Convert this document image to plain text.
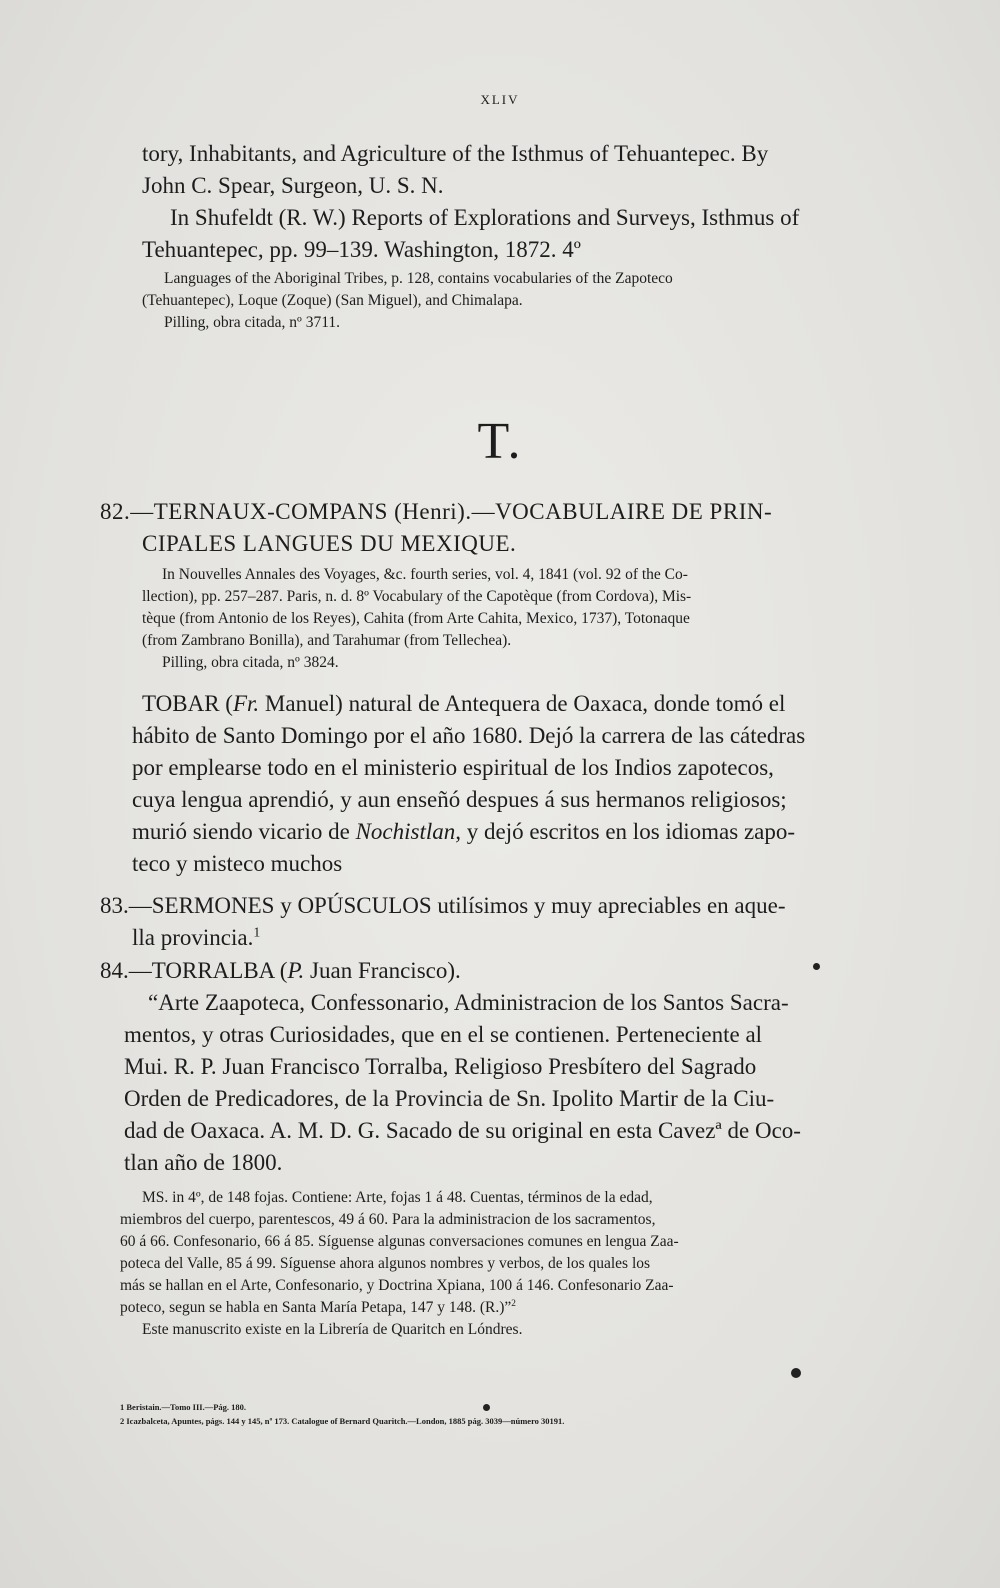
XLIV

tory, Inhabitants, and Agriculture of the Isthmus of Tehuantepec. By

John C. Spear, Surgeon, U. S. N.

In Shufeldt (R. W.) Reports of Explorations and Surveys, Isthmus of

Tehuantepec, pp. 99–139. Washington, 1872. 4º

Languages of the Aboriginal Tribes, p. 128, contains vocabularies of the Zapoteco

(Tehuantepec), Loque (Zoque) (San Miguel), and Chimalapa.

Pilling, obra citada, nº 3711.

T.

82.—TERNAUX-COMPANS (Henri).—VOCABULAIRE DE PRIN-

CIPALES LANGUES DU MEXIQUE.

In Nouvelles Annales des Voyages, &c. fourth series, vol. 4, 1841 (vol. 92 of the Co-

llection), pp. 257–287. Paris, n. d. 8º Vocabulary of the Capotèque (from Cordova), Mis-

tèque (from Antonio de los Reyes), Cahita (from Arte Cahita, Mexico, 1737), Totonaque

(from Zambrano Bonilla), and Tarahumar (from Tellechea).

Pilling, obra citada, nº 3824.

TOBAR (Fr. Manuel) natural de Antequera de Oaxaca, donde tomó el

hábito de Santo Domingo por el año 1680. Dejó la carrera de las cátedras

por emplearse todo en el ministerio espiritual de los Indios zapotecos,

cuya lengua aprendió, y aun enseñó despues á sus hermanos religiosos;

murió siendo vicario de Nochistlan, y dejó escritos en los idiomas zapo-

teco y misteco muchos

83.—SERMONES y OPÚSCULOS utilísimos y muy apreciables en aque-

lla provincia.$^1$

84.—TORRALBA (P. Juan Francisco).

“Arte Zaapoteca, Confessonario, Administracion de los Santos Sacra-

mentos, y otras Curiosidades, que en el se contienen. Perteneciente al

Mui. R. P. Juan Francisco Torralba, Religioso Presbítero del Sagrado

Orden de Predicadores, de la Provincia de Sn. Ipolito Martir de la Ciu-

dad de Oaxaca. A. M. D. G. Sacado de su original en esta Cavezª de Oco-

tlan año de 1800.

MS. in 4º, de 148 fojas. Contiene: Arte, fojas 1 á 48. Cuentas, términos de la edad,

miembros del cuerpo, parentescos, 49 á 60. Para la administracion de los sacramentos,

60 á 66. Confesonario, 66 á 85. Síguense algunas conversaciones comunes en lengua Zaa-

poteca del Valle, 85 á 99. Síguense ahora algunos nombres y verbos, de los quales los

más se hallan en el Arte, Confesonario, y Doctrina Xpiana, 100 á 146. Confesonario Zaa-

poteco, segun se habla en Santa María Petapa, 147 y 148. (R.)”$^2$

Este manuscrito existe en la Librería de Quaritch en Lóndres.

1 Beristain.—Tomo III.—Pág. 180.
2 Icazbalceta, Apuntes, págs. 144 y 145, nº 173. Catalogue of Bernard Quaritch.—London, 1885 pág. 3039—número 30191.
